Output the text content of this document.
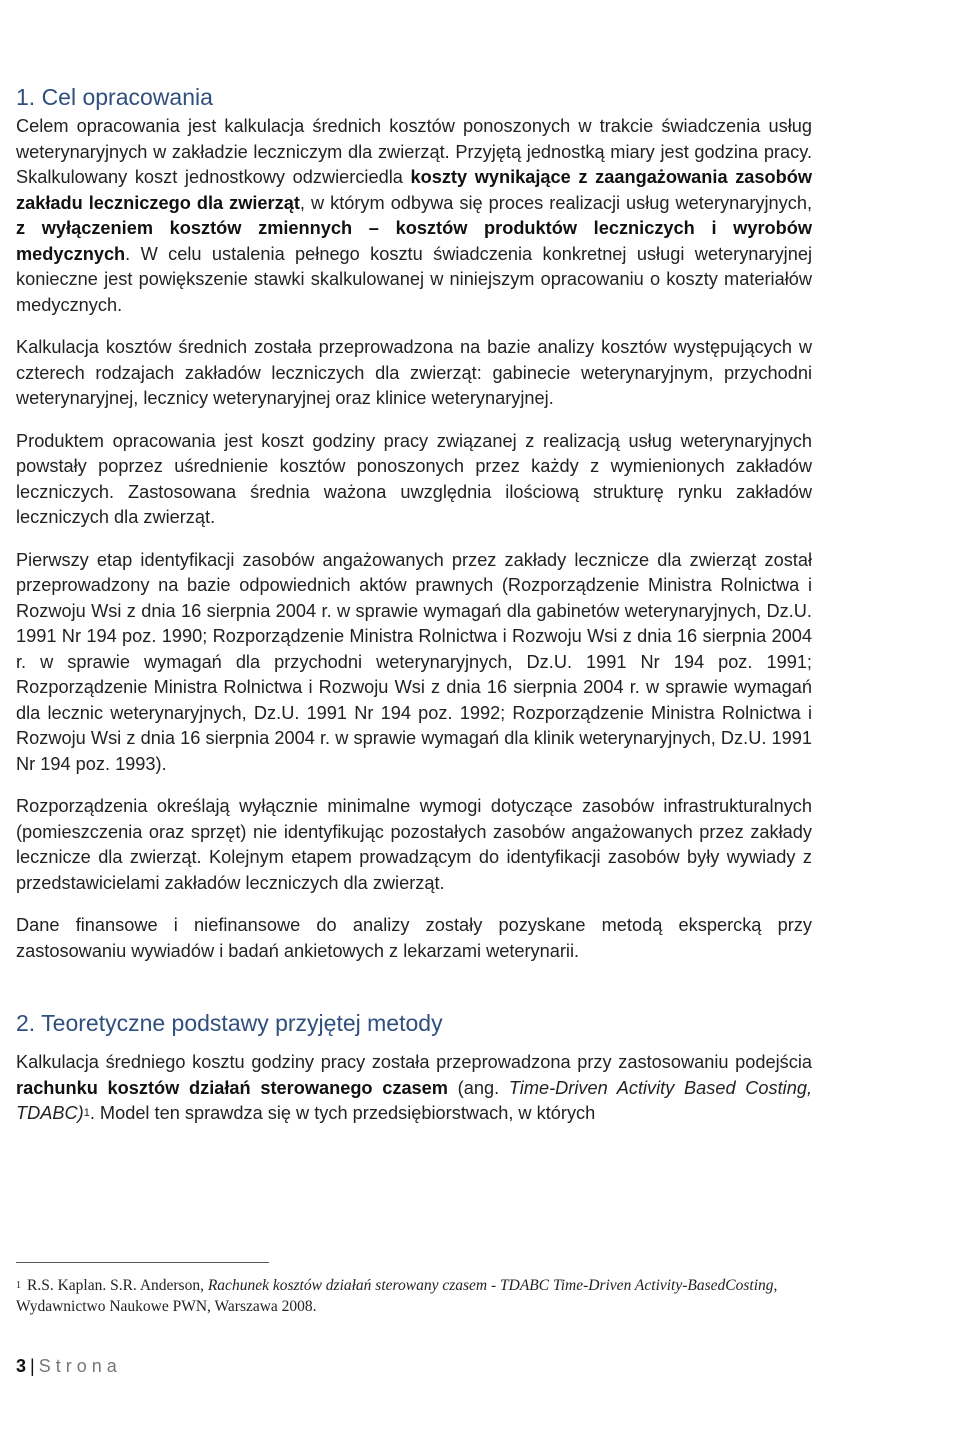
1. Cel opracowania

Celem opracowania jest kalkulacja średnich kosztów ponoszonych w trakcie świadczenia usług weterynaryjnych w zakładzie leczniczym dla zwierząt. Przyjętą jednostką miary jest godzina pracy. Skalkulowany koszt jednostkowy odzwierciedla koszty wynikające z zaangażowania zasobów zakładu leczniczego dla zwierząt, w którym odbywa się proces realizacji usług weterynaryjnych, z wyłączeniem kosztów zmiennych – kosztów produktów leczniczych i wyrobów medycznych. W celu ustalenia pełnego kosztu świadczenia konkretnej usługi weterynaryjnej konieczne jest powiększenie stawki skalkulowanej w niniejszym opracowaniu o koszty materiałów medycznych.

Kalkulacja kosztów średnich została przeprowadzona na bazie analizy kosztów występujących w czterech rodzajach zakładów leczniczych dla zwierząt: gabinecie weterynaryjnym, przychodni weterynaryjnej, lecznicy weterynaryjnej oraz klinice weterynaryjnej.

Produktem opracowania jest koszt godziny pracy związanej z realizacją usług weterynaryjnych powstały poprzez uśrednienie kosztów ponoszonych przez każdy z wymienionych zakładów leczniczych. Zastosowana średnia ważona uwzględnia ilościową strukturę rynku zakładów leczniczych dla zwierząt.

Pierwszy etap identyfikacji zasobów angażowanych przez zakłady lecznicze dla zwierząt został przeprowadzony na bazie odpowiednich aktów prawnych (Rozporządzenie Ministra Rolnictwa i Rozwoju Wsi z dnia 16 sierpnia 2004 r. w sprawie wymagań dla gabinetów weterynaryjnych, Dz.U. 1991 Nr 194 poz. 1990; Rozporządzenie Ministra Rolnictwa i Rozwoju Wsi z dnia 16 sierpnia 2004 r. w sprawie wymagań dla przychodni weterynaryjnych, Dz.U. 1991 Nr 194 poz. 1991; Rozporządzenie Ministra Rolnictwa i Rozwoju Wsi z dnia 16 sierpnia 2004 r. w sprawie wymagań dla lecznic weterynaryjnych, Dz.U. 1991 Nr 194 poz. 1992; Rozporządzenie Ministra Rolnictwa i Rozwoju Wsi z dnia 16 sierpnia 2004 r. w sprawie wymagań dla klinik weterynaryjnych, Dz.U. 1991 Nr 194 poz. 1993).

Rozporządzenia określają wyłącznie minimalne wymogi dotyczące zasobów infrastrukturalnych (pomieszczenia oraz sprzęt) nie identyfikując pozostałych zasobów angażowanych przez zakłady lecznicze dla zwierząt. Kolejnym etapem prowadzącym do identyfikacji zasobów były wywiady z przedstawicielami zakładów leczniczych dla zwierząt.

Dane finansowe i niefinansowe do analizy zostały pozyskane metodą ekspercką przy zastosowaniu wywiadów i badań ankietowych z lekarzami weterynarii.

2. Teoretyczne podstawy przyjętej metody

Kalkulacja średniego kosztu godziny pracy została przeprowadzona przy zastosowaniu podejścia rachunku kosztów działań sterowanego czasem (ang. Time-Driven Activity Based Costing, TDABC)$^1$. Model ten sprawdza się w tych przedsiębiorstwach, w których

$^1$ R.S. Kaplan. S.R. Anderson, Rachunek kosztów działań sterowany czasem - TDABC Time-Driven Activity-BasedCosting, Wydawnictwo Naukowe PWN, Warszawa 2008.
3 | Strona
